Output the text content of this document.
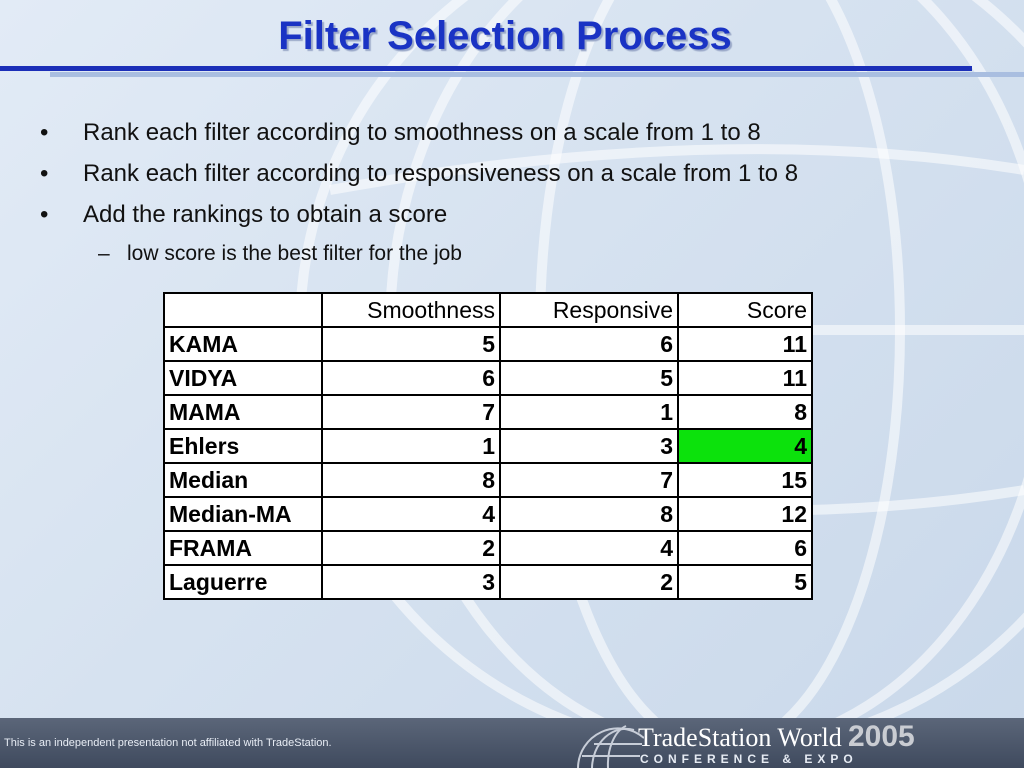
Filter Selection Process
•	Rank each filter according to smoothness on a scale from 1 to 8
•	Rank each filter according to responsiveness on a scale from 1 to 8
•	Add the rankings to obtain a score
– low score is the best filter for the job
	Smoothness	Responsive	Score
KAMA	5	6	11
VIDYA	6	5	11
MAMA	7	1	8
Ehlers	1	3	4
Median	8	7	15
Median-MA	4	8	12
FRAMA	2	4	6
Laguerre	3	2	5
This is an independent presentation not affiliated with TradeStation.	TradeStation World 2005
CONFERENCE & EXPO
